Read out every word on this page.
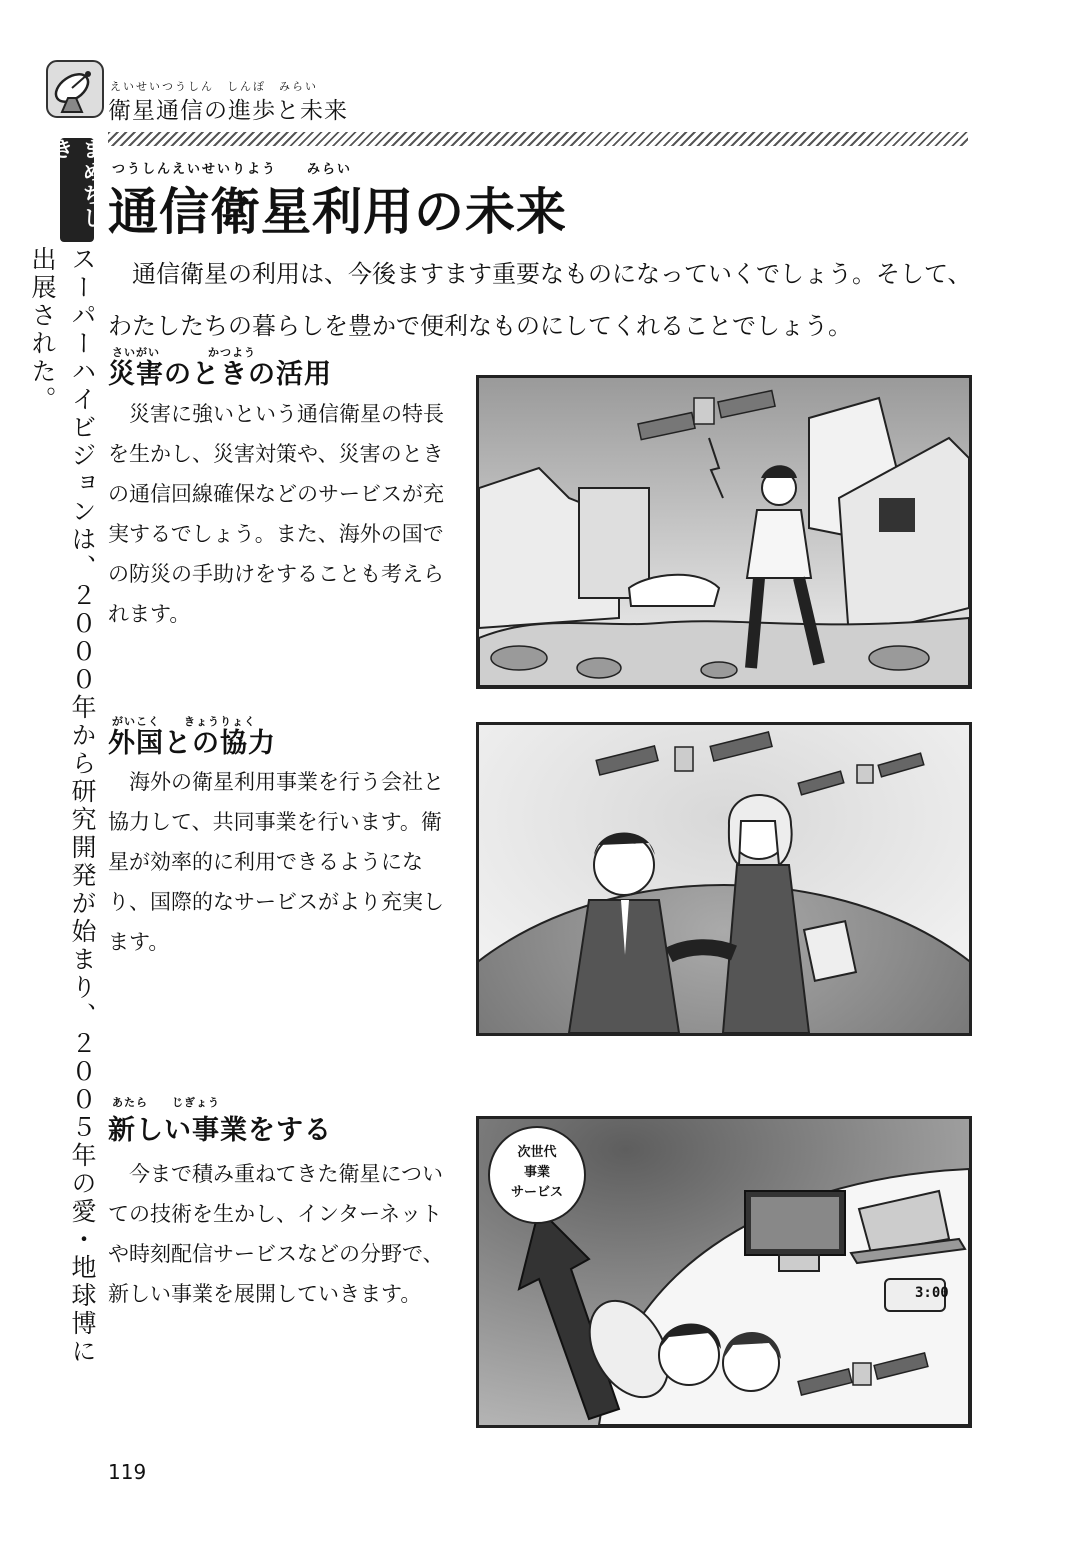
えいせいつうしん　しんぽ　みらい
衛星通信の進歩と未来
まめちしき
スーパーハイビジョンは、２０００年から研究開発が始まり、２００５年の愛・地球博に出展された。
つうしんえいせいりよう　　みらい
通信衛星利用の未来
通信衛星の利用は、今後ますます重要なものになっていくでしょう。そして、わたしたちの暮らしを豊かで便利なものにしてくれることでしょう。
さいがい　　　　かつよう
災害のときの活用
災害に強いという通信衛星の特長を生かし、災害対策や、災害のときの通信回線確保などのサービスが充実するでしょう。また、海外の国での防災の手助けをすることも考えられます。
がいこく　　きょうりょく
外国との協力
海外の衛星利用事業を行う会社と協力して、共同事業を行います。衛星が効率的に利用できるようになり、国際的なサービスがより充実します。
あたら　　じぎょう
新しい事業をする
今まで積み重ねてきた衛星についての技術を生かし、インターネットや時刻配信サービスなどの分野で、新しい事業を展開していきます。
次世代
事業
サービス
3:00
119
